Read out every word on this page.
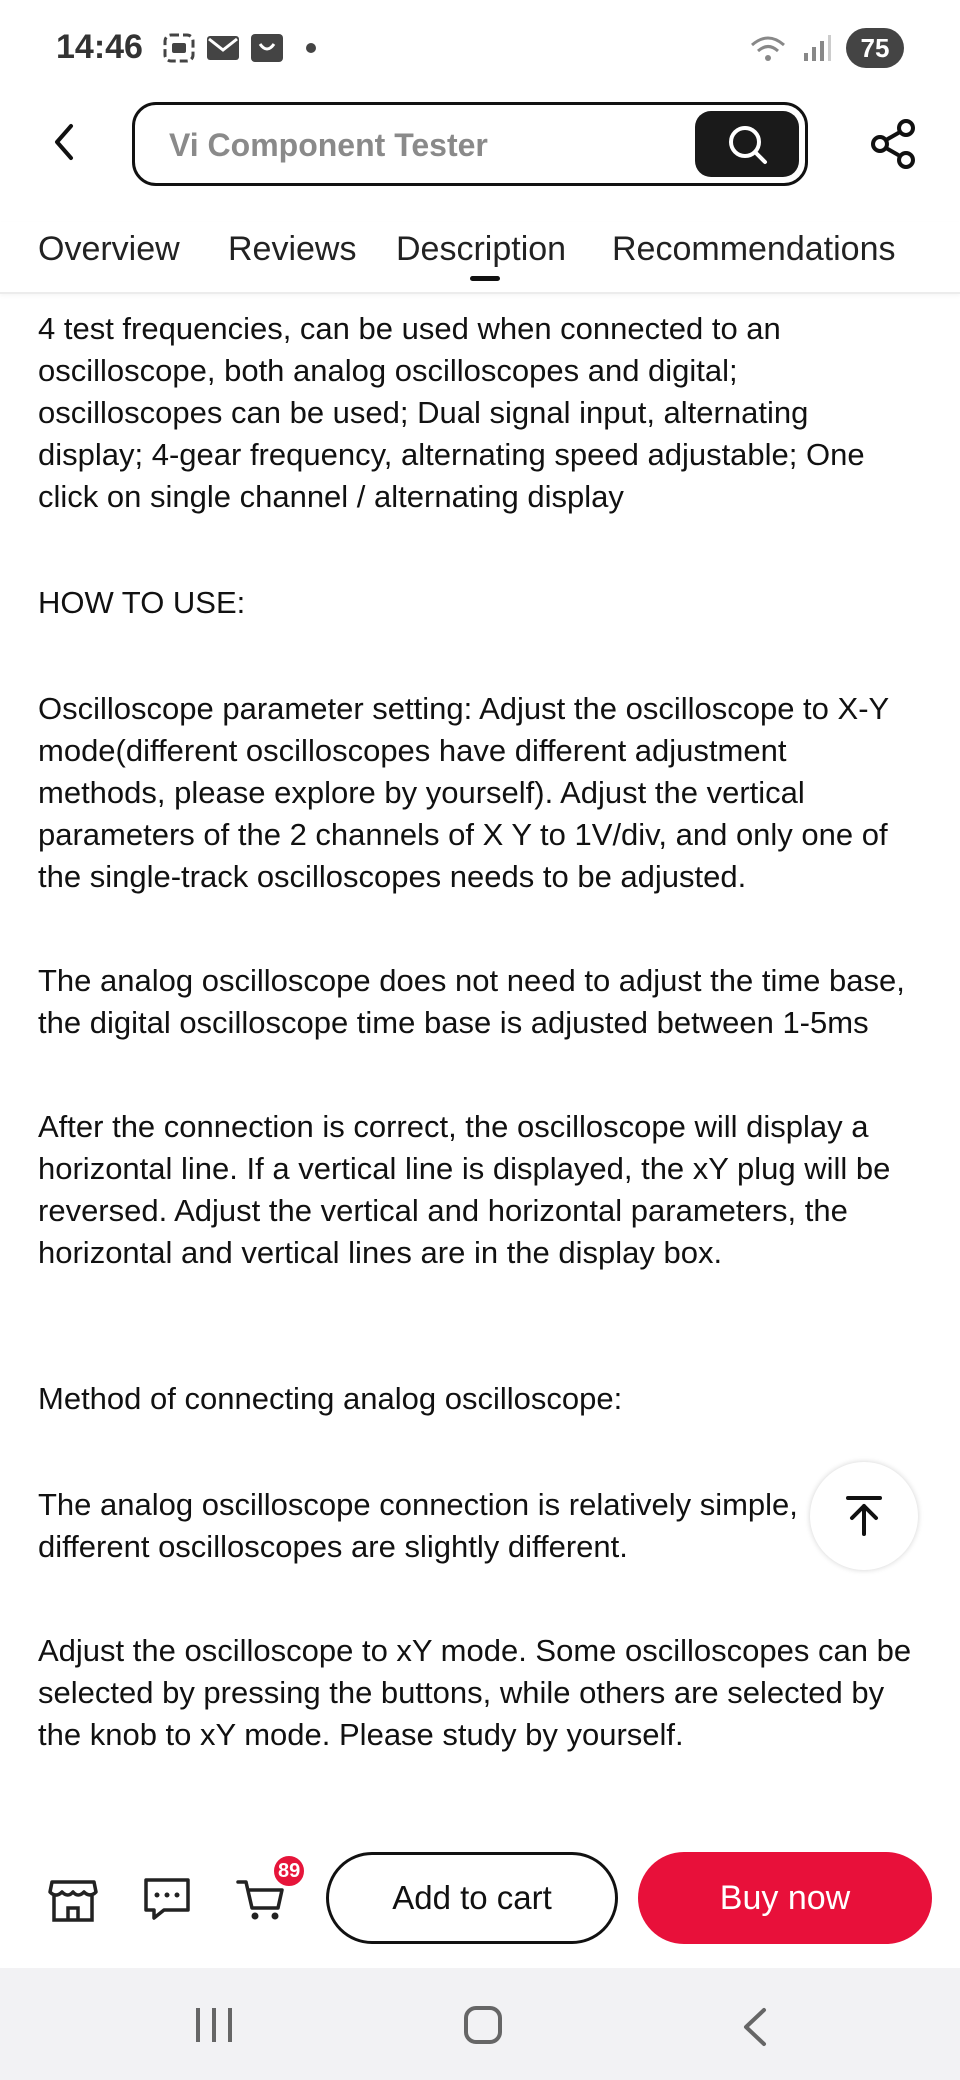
14:46	75
Vi Component Tester
Overview Reviews Description Recommendations

4 test frequencies, can be used when connected to an oscilloscope, both analog oscilloscopes and digital; oscilloscopes can be used; Dual signal input, alternating display; 4-gear frequency, alternating speed adjustable; One click on single channel / alternating display

HOW TO USE:

Oscilloscope parameter setting: Adjust the oscilloscope to X-Y mode(different oscilloscopes have different adjustment methods, please explore by yourself). Adjust the vertical parameters of the 2 channels of X Y to 1V/div, and only one of the single-track oscilloscopes needs to be adjusted.

The analog oscilloscope does not need to adjust the time base, the digital oscilloscope time base is adjusted between 1-5ms

After the connection is correct, the oscilloscope will display a horizontal line. If a vertical line is displayed, the xY plug will be reversed. Adjust the vertical and horizontal parameters, the horizontal and vertical lines are in the display box.

Method of connecting analog oscilloscope:

The analog oscilloscope connection is relatively simple, different oscilloscopes are slightly different.

Adjust the oscilloscope to xY mode. Some oscilloscopes can be selected by pressing the buttons, while others are selected by the knob to xY mode. Please study by yourself.

89
Add to cart	Buy now
